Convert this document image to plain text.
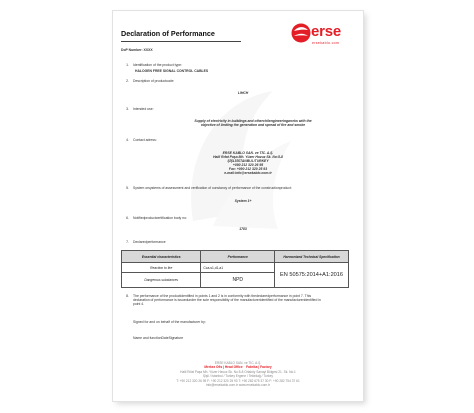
Declaration of Performance	erse
ersekablo.com
DoP Number: XXXX
1. Identification of the product type:
HALOGEN FREE SIGNAL CONTROL CABLES
2. Description of productcode:
LIHCH
3. Intended use:
Supply of electricity in buildings and otherchilengineeringworks with the
objective of limiting the generation and spread of fire and smoke
4. Contact adress:
ERSE KABLO SAN. ve TİC. A.Ş.
Halil Rıfat Paşa Mh. Yüzer Havuz Sk. No:5-8
ŞİŞLİ/İSTANBUL/TURKEY
+090 212 320 26 95
Fax: +090 212 320 25 93
e-mail:info@ersekablo.com.tr
5. System orsystems of assessment and verification of constancy of performance of the constructionproduct:
System 1+
6. Notifiedproductcertification body no:
1783
7. Declaredperformance
Essential characteristics	Performance	Harmonized Technical Specification
Reaction to fire	Cca-s1,d1,a1	EN 50575:2014+A1:2016
Dangerous substances	NPD	
8. The performance of the productidentified in points 1 and 2 is in conformity with thedeclaredperformance in point 7. This
declaration of performance is issuedunder the sole responsibility of the manufactureridentified of the manufactureridentified in
point 4.
Signed for and on behalf of the manufacturer by:
Name and functionDateSignature
ERSE KABLO SAN. ve TİC. A.Ş.
Merkez Ofis | Head Office Fabrika | Factory
Halil Rıfat Paşa Mh. Yüzer Havuz Sk. No:5-8 Ortaköy Sanayi Bölgesi 21. Sk. No:1
Şişli / İstanbul / Turkey Ergene / Tekirdağ / Turkey
T: +90 212 320 26 95 F: +90 212 320 25 93 T: +90 282 675 37 30 F: +90 282 754 37 61
info@ersekablo.com.tr www.ersekablo.com.tr
